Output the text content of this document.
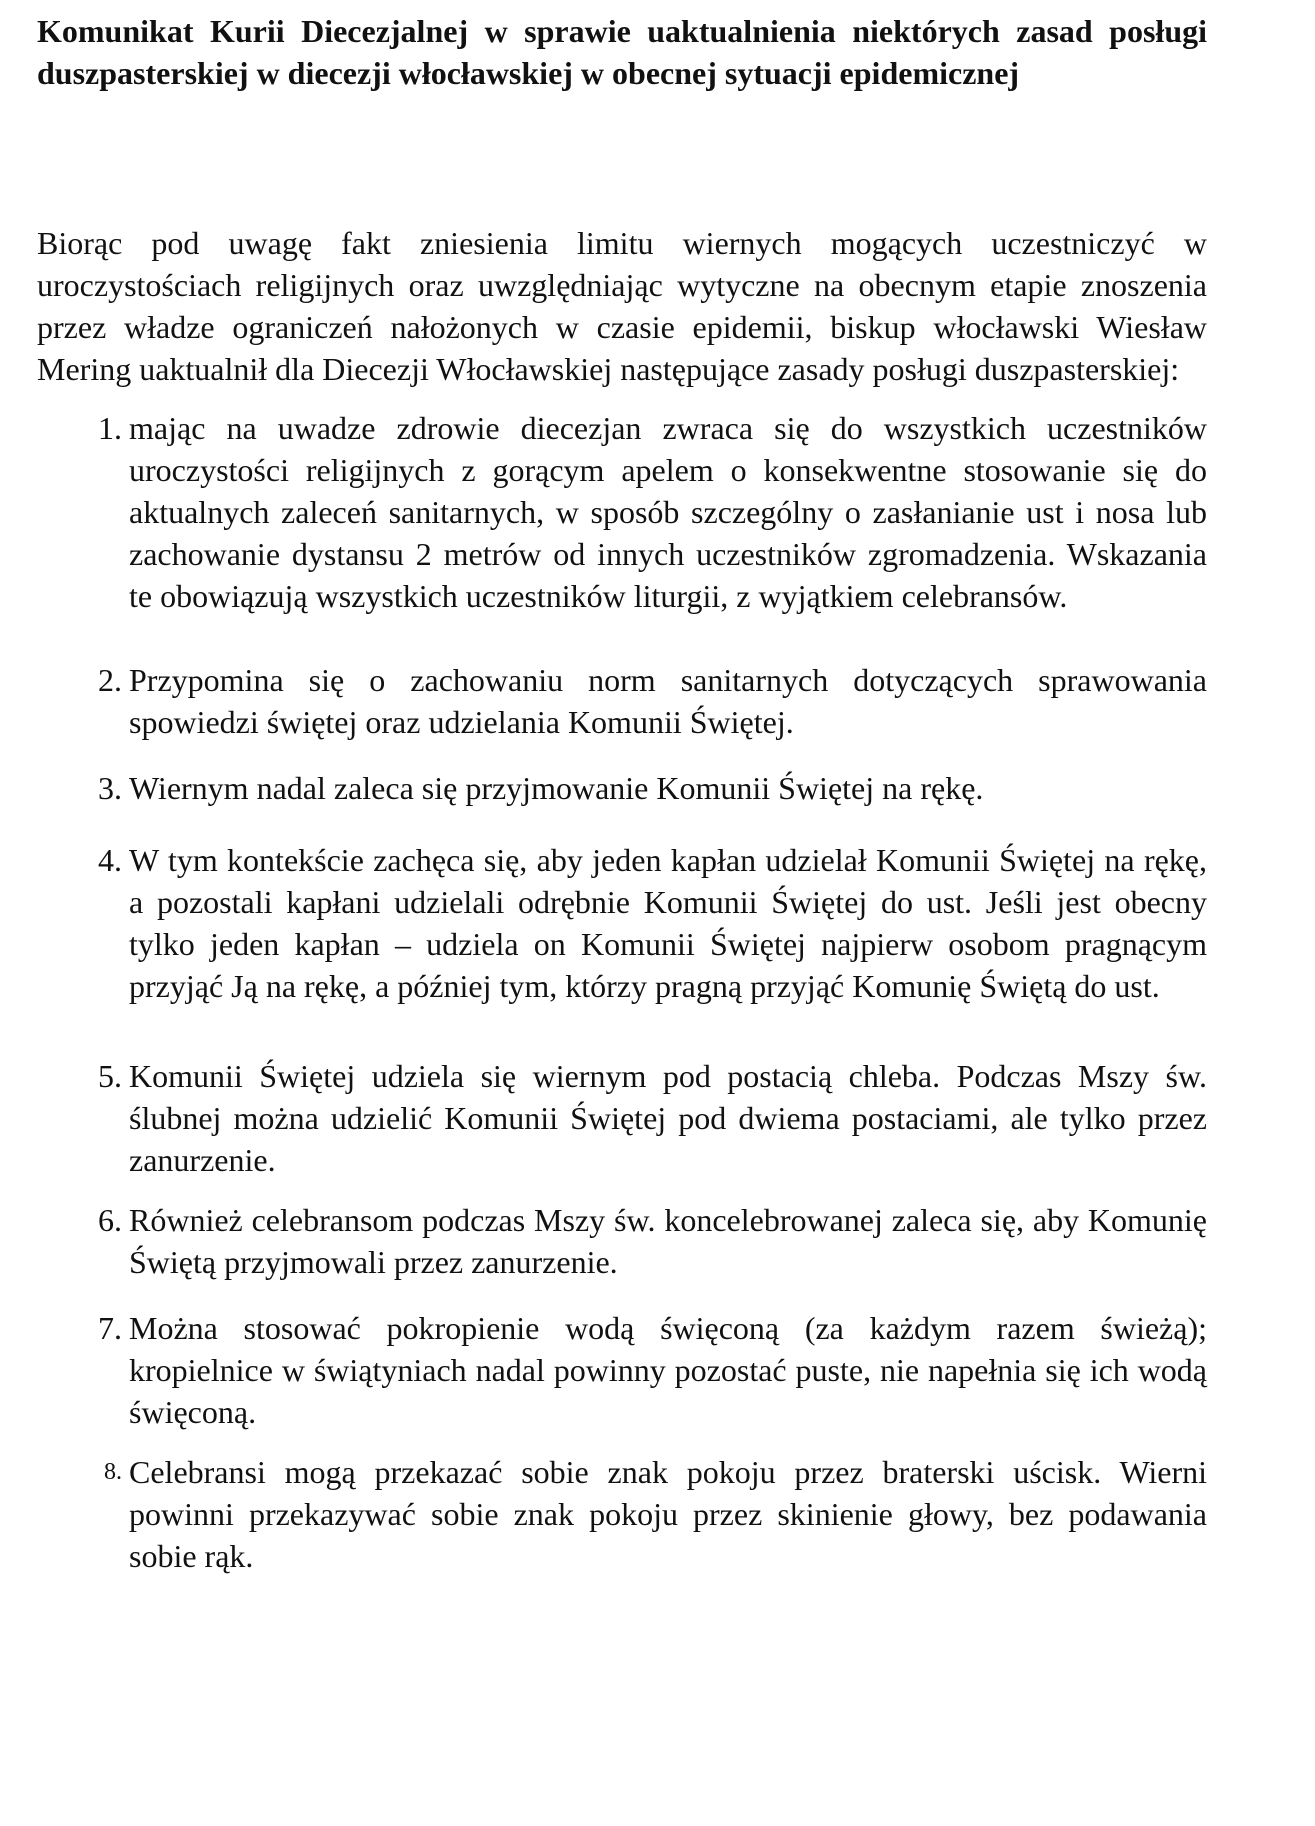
Komunikat Kurii Diecezjalnej w sprawie uaktualnienia niektórych zasad posługi duszpasterskiej w diecezji włocławskiej w obecnej sytuacji epidemicznej

Biorąc pod uwagę fakt zniesienia limitu wiernych mogących uczestniczyć w uroczystościach religijnych oraz uwzględniając wytyczne na obecnym etapie znoszenia przez władze ograniczeń nałożonych w czasie epidemii, biskup włocławski Wiesław Mering uaktualnił dla Diecezji Włocławskiej następujące zasady posługi duszpasterskiej:

1. mając na uwadze zdrowie diecezjan zwraca się do wszystkich uczestników uroczystości religijnych z gorącym apelem o konsekwentne stosowanie się do aktualnych zaleceń sanitarnych, w sposób szczególny o zasłanianie ust i nosa lub zachowanie dystansu 2 metrów od innych uczestników zgromadzenia. Wskazania te obowiązują wszystkich uczestników liturgii, z wyjątkiem celebransów.
2. Przypomina się o zachowaniu norm sanitarnych dotyczących sprawowania spowiedzi świętej oraz udzielania Komunii Świętej.
3. Wiernym nadal zaleca się przyjmowanie Komunii Świętej na rękę.
4. W tym kontekście zachęca się, aby jeden kapłan udzielał Komunii Świętej na rękę, a pozostali kapłani udzielali odrębnie Komunii Świętej do ust. Jeśli jest obecny tylko jeden kapłan – udziela on Komunii Świętej najpierw osobom pragnącym przyjąć Ją na rękę, a później tym, którzy pragną przyjąć Komunię Świętą do ust.
5. Komunii Świętej udziela się wiernym pod postacią chleba. Podczas Mszy św. ślubnej można udzielić Komunii Świętej pod dwiema postaciami, ale tylko przez zanurzenie.
6. Również celebransom podczas Mszy św. koncelebrowanej zaleca się, aby Komunię Świętą przyjmowali przez zanurzenie.
7. Można stosować pokropienie wodą święconą (za każdym razem świeżą); kropielnice w świątyniach nadal powinny pozostać puste, nie napełnia się ich wodą święconą.
8. Celebransi mogą przekazać sobie znak pokoju przez braterski uścisk. Wierni powinni przekazywać sobie znak pokoju przez skinienie głowy, bez podawania sobie rąk.
